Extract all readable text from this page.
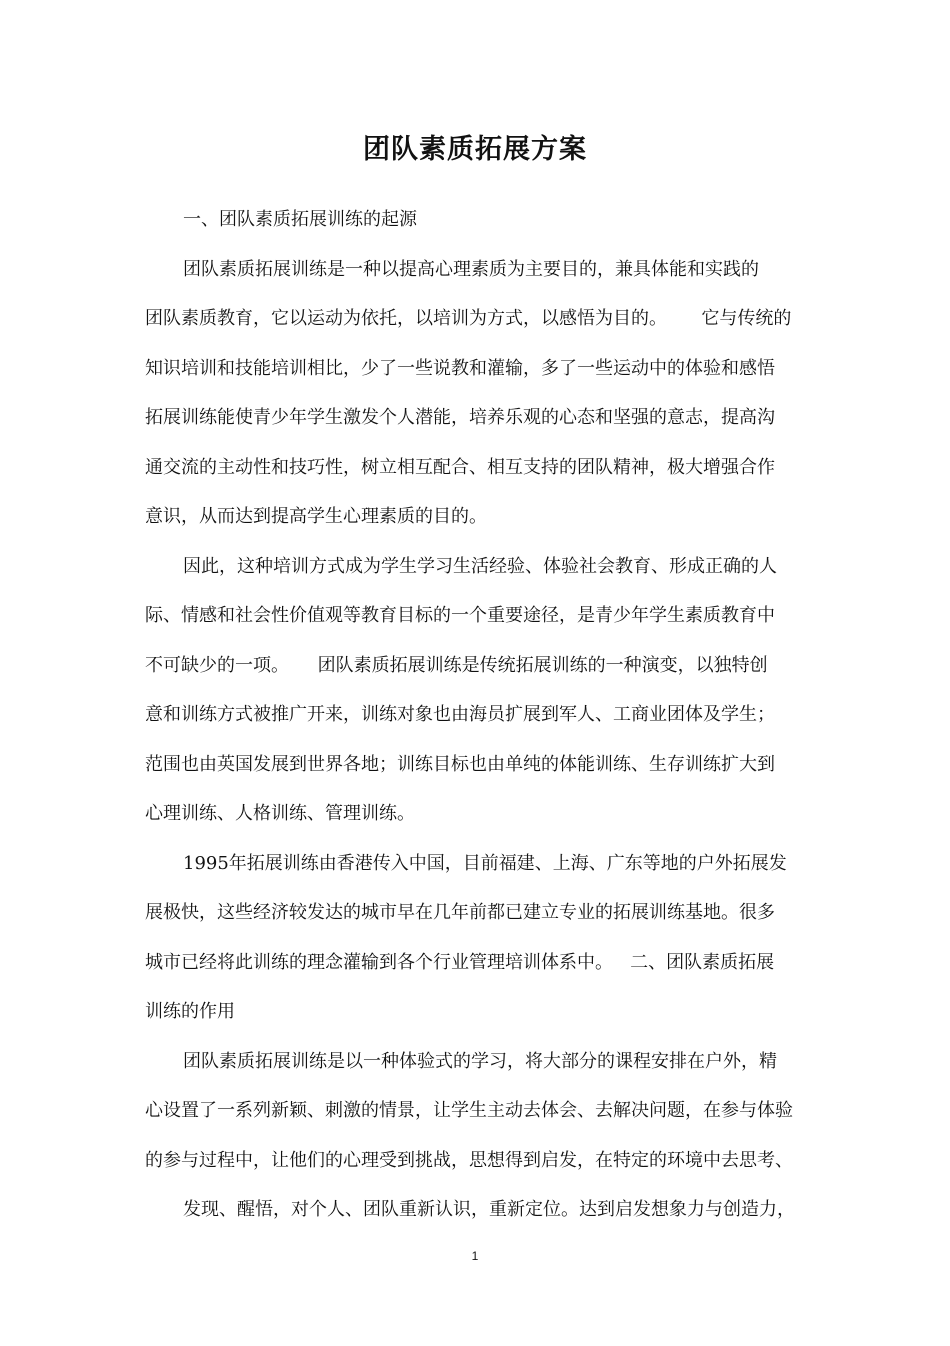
团队素质拓展方案

一、团队素质拓展训练的起源

团队素质拓展训练是一种以提高心理素质为主要目的，兼具体能和实践的

团队素质教育，它以运动为依托，以培训为方式，以感悟为目的。      它与传统的

知识培训和技能培训相比，少了一些说教和灌输，多了一些运动中的体验和感悟

拓展训练能使青少年学生激发个人潜能，培养乐观的心态和坚强的意志，提高沟

通交流的主动性和技巧性，树立相互配合、相互支持的团队精神，极大增强合作

意识，从而达到提高学生心理素质的目的。

因此，这种培训方式成为学生学习生活经验、体验社会教育、形成正确的人

际、情感和社会性价值观等教育目标的一个重要途径，是青少年学生素质教育中

不可缺少的一项。     团队素质拓展训练是传统拓展训练的一种演变，以独特创

意和训练方式被推广开来，训练对象也由海员扩展到军人、工商业团体及学生；

范围也由英国发展到世界各地；训练目标也由单纯的体能训练、生存训练扩大到

心理训练、人格训练、管理训练。

1995年拓展训练由香港传入中国，目前福建、上海、广东等地的户外拓展发

展极快，这些经济较发达的城市早在几年前都已建立专业的拓展训练基地。很多

城市已经将此训练的理念灌输到各个行业管理培训体系中。   二、团队素质拓展

训练的作用

团队素质拓展训练是以一种体验式的学习，将大部分的课程安排在户外，精

心设置了一系列新颖、刺激的情景，让学生主动去体会、去解决问题，在参与体验

的参与过程中，让他们的心理受到挑战，思想得到启发，在特定的环境中去思考、

发现、醒悟，对个人、团队重新认识，重新定位。达到启发想象力与创造力，

1
